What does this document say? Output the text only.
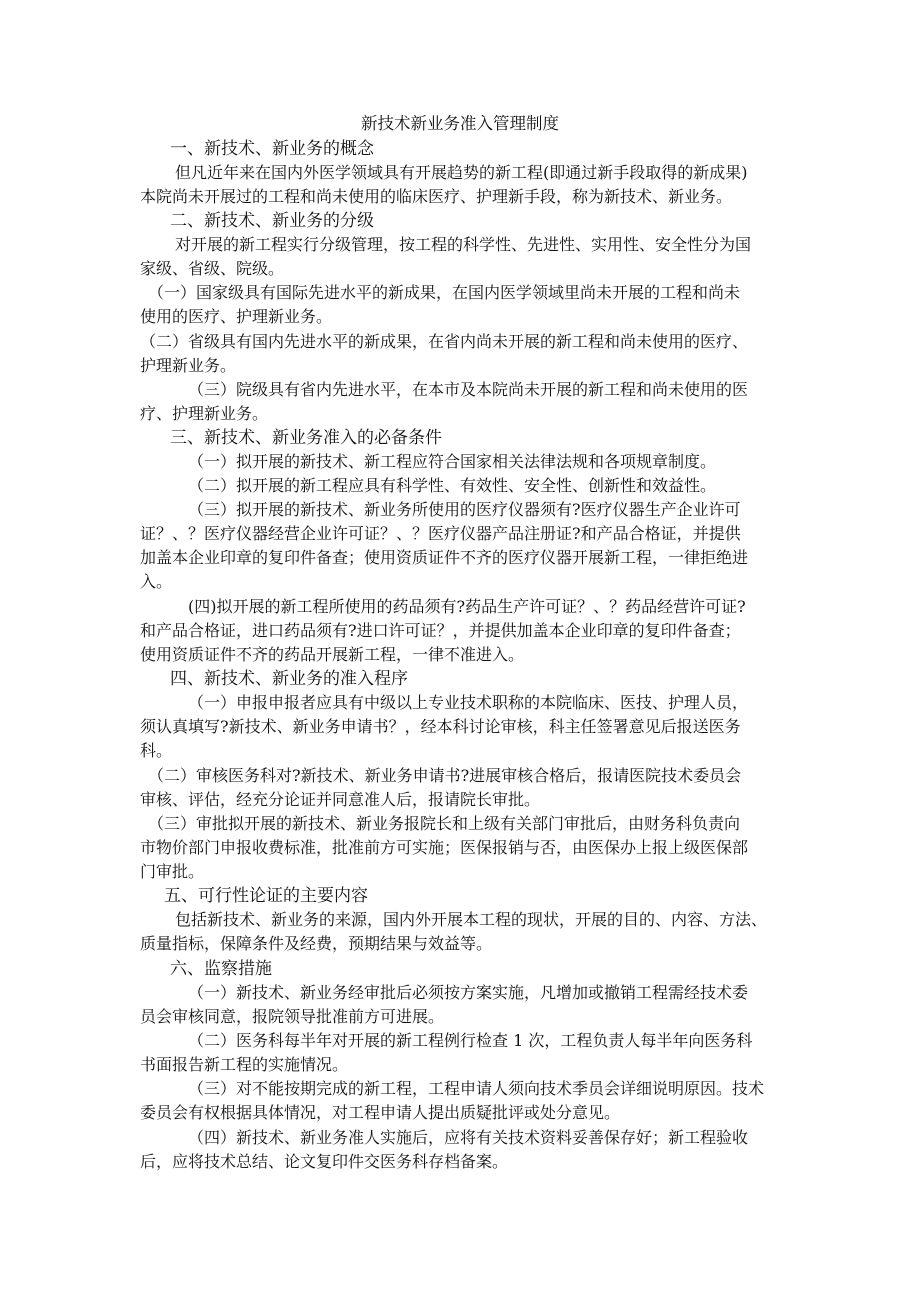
新技术新业务准入管理制度
一、新技术、新业务的概念
但凡近年来在国内外医学领域具有开展趋势的新工程(即通过新手段取得的新成果)
本院尚未开展过的工程和尚未使用的临床医疗、护理新手段，称为新技术、新业务。
二、新技术、新业务的分级
对开展的新工程实行分级管理，按工程的科学性、先进性、实用性、安全性分为国
家级、省级、院级。
（一）国家级具有国际先进水平的新成果，在国内医学领域里尚未开展的工程和尚未
使用的医疗、护理新业务。
（二）省级具有国内先进水平的新成果，在省内尚未开展的新工程和尚未使用的医疗、
护理新业务。
（三）院级具有省内先进水平，在本市及本院尚未开展的新工程和尚未使用的医
疗、护理新业务。
三、新技术、新业务准入的必备条件
（一）拟开展的新技术、新工程应符合国家相关法律法规和各项规章制度。
（二）拟开展的新工程应具有科学性、有效性、安全性、创新性和效益性。
（三）拟开展的新技术、新业务所使用的医疗仪器须有?医疗仪器生产企业许可
证？、？医疗仪器经营企业许可证？、？医疗仪器产品注册证?和产品合格证，并提供
加盖本企业印章的复印件备查；使用资质证件不齐的医疗仪器开展新工程，一律拒绝进
入。
(四)拟开展的新工程所使用的药品须有?药品生产许可证？、？药品经营许可证?
和产品合格证，进口药品须有?进口许可证？，并提供加盖本企业印章的复印件备查；
使用资质证件不齐的药品开展新工程，一律不准进入。
四、新技术、新业务的准入程序
（一）申报申报者应具有中级以上专业技术职称的本院临床、医技、护理人员，
须认真填写?新技术、新业务申请书？，经本科讨论审核，科主任签署意见后报送医务
科。
（二）审核医务科对?新技术、新业务申请书?进展审核合格后，报请医院技术委员会
审核、评估，经充分论证并同意准人后，报请院长审批。
（三）审批拟开展的新技术、新业务报院长和上级有关部门审批后，由财务科负责向
市物价部门申报收费标准，批准前方可实施；医保报销与否，由医保办上报上级医保部
门审批。
五、可行性论证的主要内容
包括新技术、新业务的来源，国内外开展本工程的现状，开展的目的、内容、方法、
质量指标，保障条件及经费，预期结果与效益等。
六、监察措施
（一）新技术、新业务经审批后必须按方案实施，凡增加或撤销工程需经技术委
员会审核同意，报院领导批准前方可进展。
（二）医务科每半年对开展的新工程例行检查 1 次，工程负责人每半年向医务科
书面报告新工程的实施情况。
（三）对不能按期完成的新工程，工程申请人须向技术季员会详细说明原因。技术
委员会有权根据具体情况，对工程申请人提出质疑批评或处分意见。
（四）新技术、新业务准人实施后，应将有关技术资料妥善保存好；新工程验收
后，应将技术总结、论文复印件交医务科存档备案。
